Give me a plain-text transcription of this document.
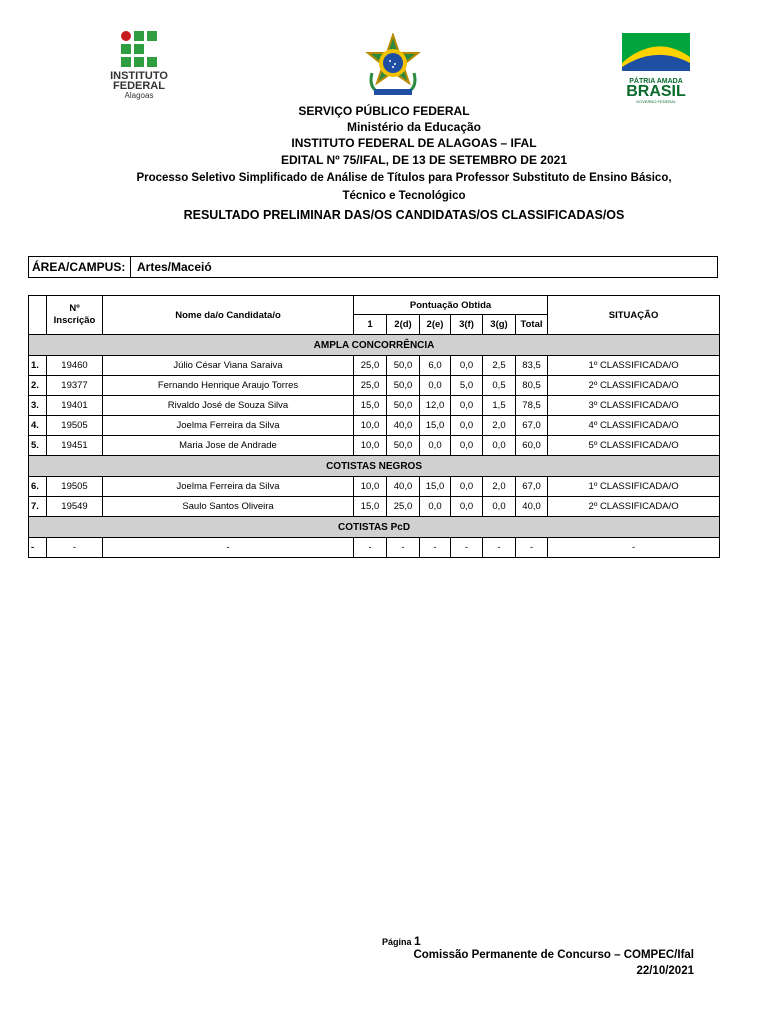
INSTITUTO
FEDERAL
Alagoas
PÁTRIA AMADA
BRASIL
GOVERNO FEDERAL
SERVIÇO PÚBLICO FEDERAL
Ministério da Educação
INSTITUTO FEDERAL DE ALAGOAS – IFAL
EDITAL Nº 75/IFAL, DE 13 DE SETEMBRO DE 2021
Processo Seletivo Simplificado de Análise de Títulos para Professor Substituto de Ensino Básico,
Técnico e Tecnológico
RESULTADO PRELIMINAR DAS/OS CANDIDATAS/OS CLASSIFICADAS/OS
ÁREA/CAMPUS: Artes/Maceió
	Nº
Inscrição	Nome da/o Candidata/o	Pontuação Obtida						SITUAÇÃO
			1	2(d)	2(e)	3(f)	3(g)	Total	
AMPLA CONCORRÊNCIA									
1.	19460	Júlio César Viana Saraiva	25,0	50,0	6,0	0,0	2,5	83,5	1º CLASSIFICADA/O
2.	19377	Fernando Henrique Araujo Torres	25,0	50,0	0,0	5,0	0,5	80,5	2º CLASSIFICADA/O
3.	19401	Rivaldo José de Souza Silva	15,0	50,0	12,0	0,0	1,5	78,5	3º CLASSIFICADA/O
4.	19505	Joelma Ferreira da Silva	10,0	40,0	15,0	0,0	2,0	67,0	4º CLASSIFICADA/O
5.	19451	Maria Jose de Andrade	10,0	50,0	0,0	0,0	0,0	60,0	5º CLASSIFICADA/O
COTISTAS NEGROS									
6.	19505	Joelma Ferreira da Silva	10,0	40,0	15,0	0,0	2,0	67,0	1º CLASSIFICADA/O
7.	19549	Saulo Santos Oliveira	15,0	25,0	0,0	0,0	0,0	40,0	2º CLASSIFICADA/O
COTISTAS PcD									
-	-	-	-	-	-	-	-	-	-
Página 1
Comissão Permanente de Concurso – COMPEC/Ifal
22/10/2021
